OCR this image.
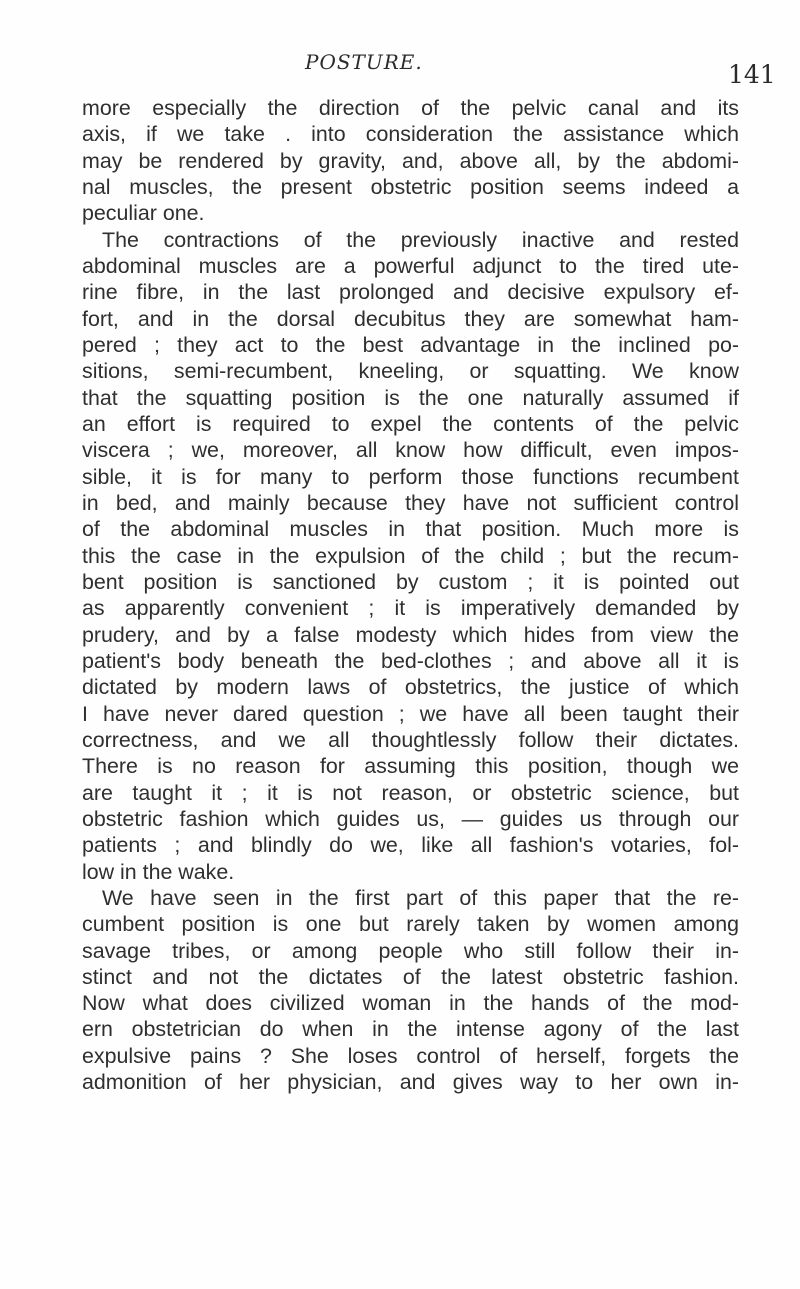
POSTURE.	141
more especially the direction of the pelvic canal and its
axis, if we take . into consideration the assistance which
may be rendered by gravity, and, above all, by the abdomi-
nal muscles, the present obstetric position seems indeed a
peculiar one.
The contractions of the previously inactive and rested
abdominal muscles are a powerful adjunct to the tired ute-
rine fibre, in the last prolonged and decisive expulsory ef-
fort, and in the dorsal decubitus they are somewhat ham-
pered ; they act to the best advantage in the inclined po-
sitions, semi-recumbent, kneeling, or squatting. We know
that the squatting position is the one naturally assumed if
an effort is required to expel the contents of the pelvic
viscera ; we, moreover, all know how difficult, even impos-
sible, it is for many to perform those functions recumbent
in bed, and mainly because they have not sufficient control
of the abdominal muscles in that position. Much more is
this the case in the expulsion of the child ; but the recum-
bent position is sanctioned by custom ; it is pointed out
as apparently convenient ; it is imperatively demanded by
prudery, and by a false modesty which hides from view the
patient's body beneath the bed-clothes ; and above all it is
dictated by modern laws of obstetrics, the justice of which
I have never dared question ; we have all been taught their
correctness, and we all thoughtlessly follow their dictates.
There is no reason for assuming this position, though we
are taught it ; it is not reason, or obstetric science, but
obstetric fashion which guides us, — guides us through our
patients ; and blindly do we, like all fashion's votaries, fol-
low in the wake.
We have seen in the first part of this paper that the re-
cumbent position is one but rarely taken by women among
savage tribes, or among people who still follow their in-
stinct and not the dictates of the latest obstetric fashion.
Now what does civilized woman in the hands of the mod-
ern obstetrician do when in the intense agony of the last
expulsive pains ? She loses control of herself, forgets the
admonition of her physician, and gives way to her own in-
